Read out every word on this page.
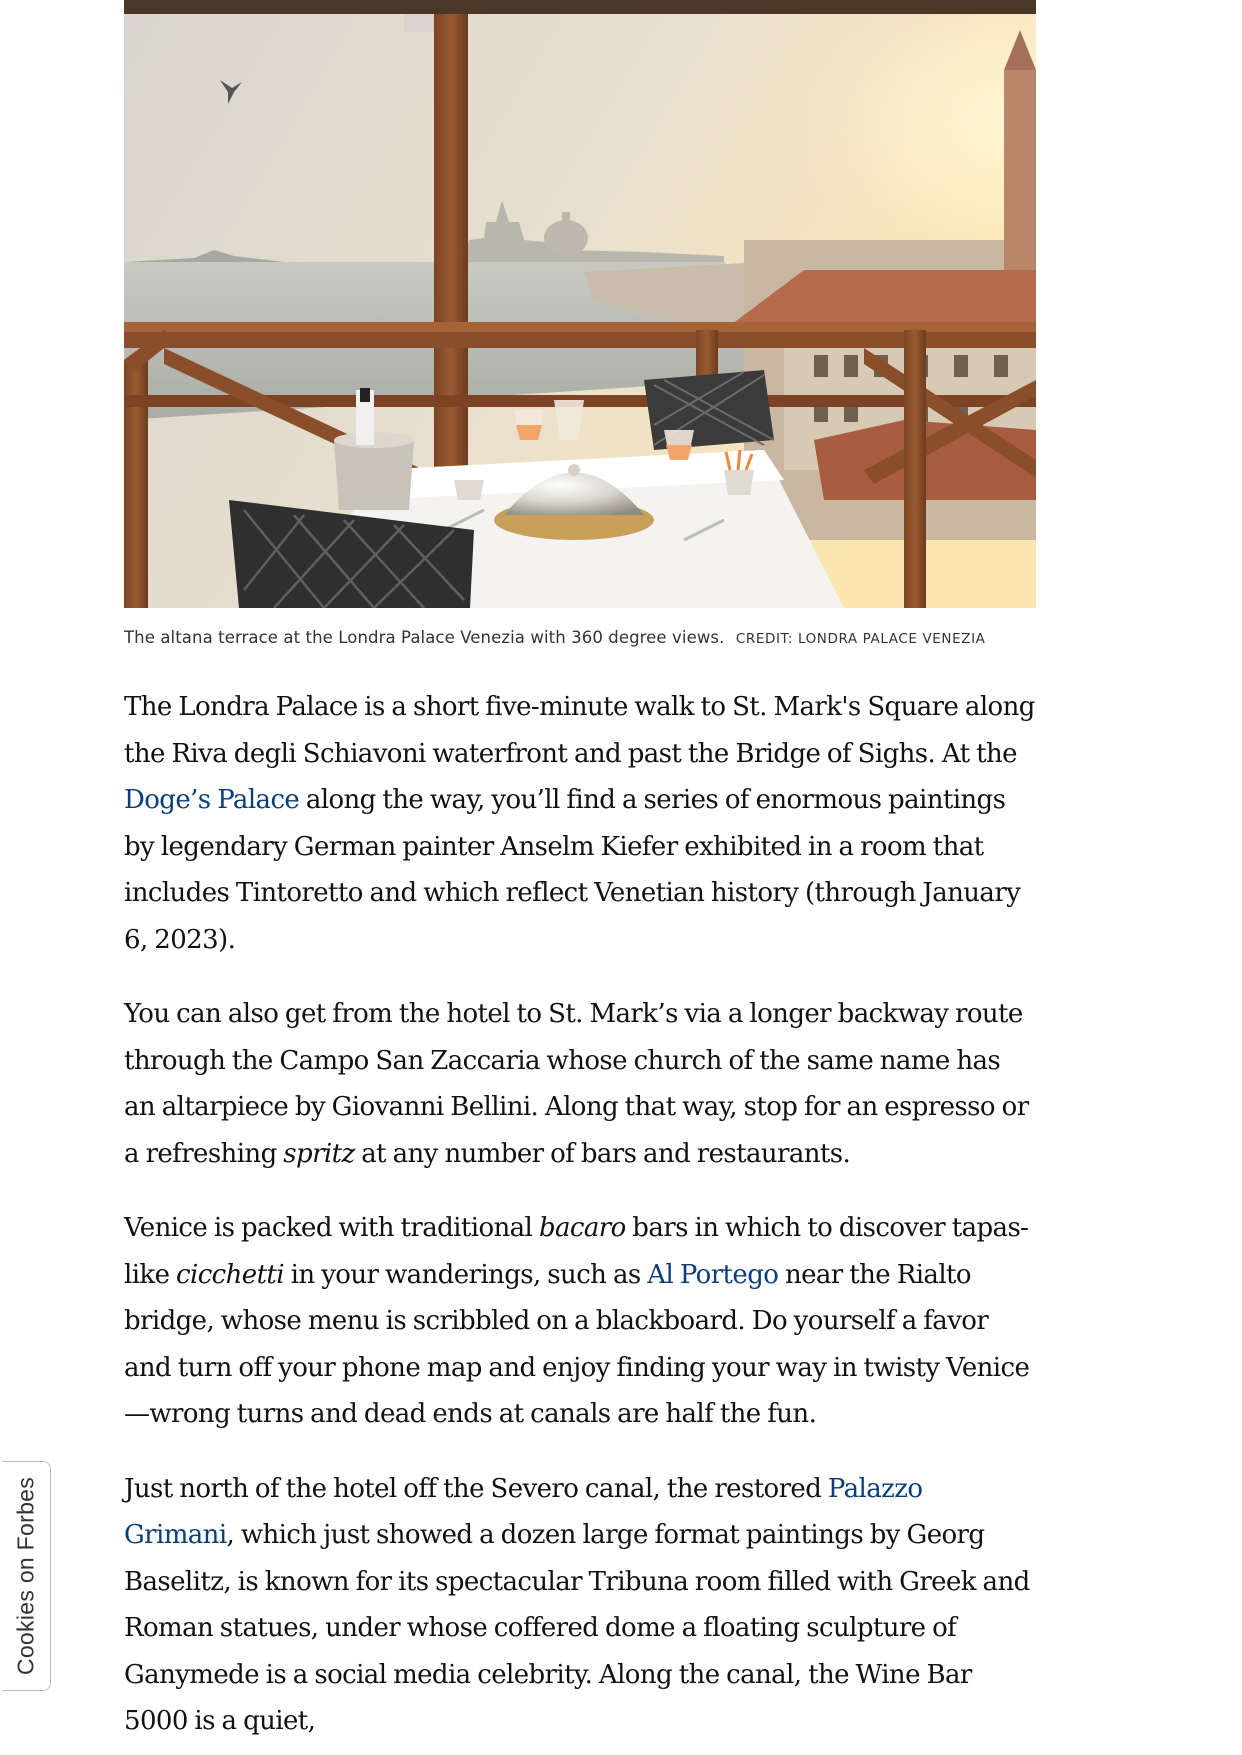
The altana terrace at the Londra Palace Venezia with 360 degree views. CREDIT: LONDRA PALACE VENEZIA

The Londra Palace is a short five-minute walk to St. Mark's Square along the Riva degli Schiavoni waterfront and past the Bridge of Sighs. At the Doge’s Palace along the way, you’ll find a series of enormous paintings by legendary German painter Anselm Kiefer exhibited in a room that includes Tintoretto and which reflect Venetian history (through January 6, 2023).

You can also get from the hotel to St. Mark’s via a longer backway route through the Campo San Zaccaria whose church of the same name has an altarpiece by Giovanni Bellini. Along that way, stop for an espresso or a refreshing spritz at any number of bars and restaurants.

Venice is packed with traditional bacaro bars in which to discover tapas-like cicchetti in your wanderings, such as Al Portego near the Rialto bridge, whose menu is scribbled on a blackboard. Do yourself a favor and turn off your phone map and enjoy finding your way in twisty Venice —wrong turns and dead ends at canals are half the fun.

Just north of the hotel off the Severo canal, the restored Palazzo Grimani, which just showed a dozen large format paintings by Georg Baselitz, is known for its spectacular Tribuna room filled with Greek and Roman statues, under whose coffered dome a floating sculpture of Ganymede is a social media celebrity. Along the canal, the Wine Bar 5000 is a quiet,

Cookies on Forbes
